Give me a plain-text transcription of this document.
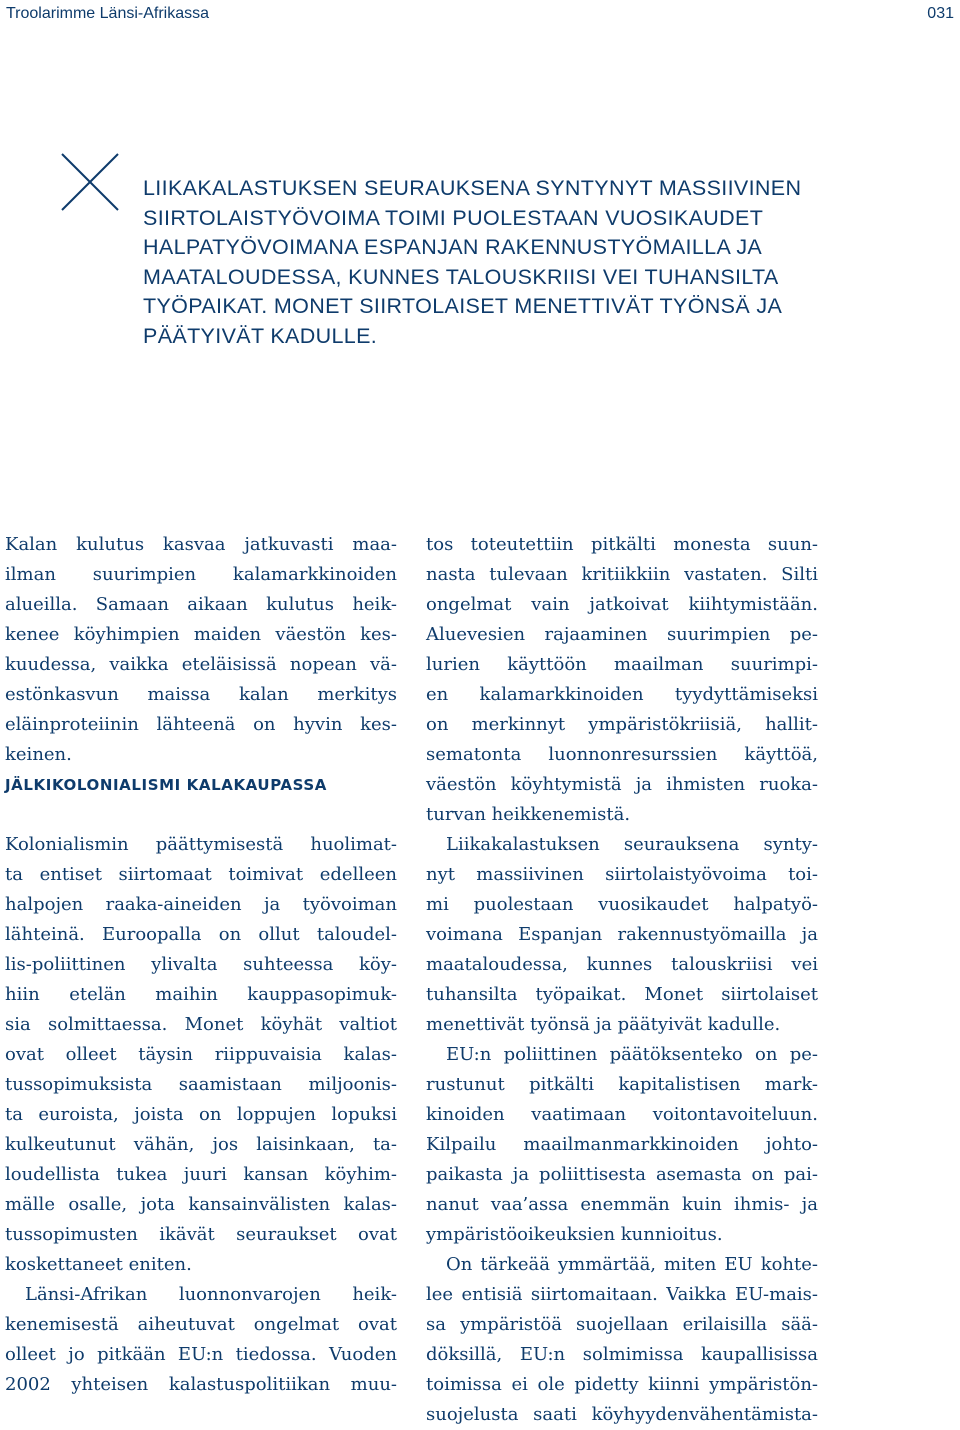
Troolarimme Länsi-Afrikassa	031
LIIKAKALASTUKSEN SEURAUKSENA SYNTYNYT MASSIIVINEN
SIIRTOLAISTYÖVOIMA TOIMI PUOLESTAAN VUOSIKAUDET
HALPATYÖVOIMANA ESPANJAN RAKENNUSTYÖMAILLA JA
MAATALOUDESSA, KUNNES TALOUSKRIISI VEI TUHANSILTA
TYÖPAIKAT. MONET SIIRTOLAISET MENETTIVÄT TYÖNSÄ JA
PÄÄTYIVÄT KADULLE.
Kalan kulutus kasvaa jatkuvasti maa-
ilman suurimpien kalamarkkinoiden
alueilla. Samaan aikaan kulutus heik-
kenee köyhimpien maiden väestön kes-
kuudessa, vaikka eteläisissä nopean vä-
estönkasvun maissa kalan merkitys
eläinproteiinin lähteenä on hyvin kes-
keinen.
JÄLKIKOLONIALISMI KALAKAUPASSA
Kolonialismin päättymisestä huolimat-
ta entiset siirtomaat toimivat edelleen
halpojen raaka-aineiden ja työvoiman
lähteinä. Euroopalla on ollut taloudel-
lis-poliittinen ylivalta suhteessa köy-
hiin etelän maihin kauppasopimuk-
sia solmittaessa. Monet köyhät valtiot
ovat olleet täysin riippuvaisia kalas-
tussopimuksista saamistaan miljoonis-
ta euroista, joista on loppujen lopuksi
kulkeutunut vähän, jos laisinkaan, ta-
loudellista tukea juuri kansan köyhim-
mälle osalle, jota kansainvälisten kalas-
tussopimusten ikävät seuraukset ovat
koskettaneet eniten.
Länsi-Afrikan luonnonvarojen heik-
kenemisestä aiheutuvat ongelmat ovat
olleet jo pitkään EU:n tiedossa. Vuoden
2002 yhteisen kalastuspolitiikan muu-
tos toteutettiin pitkälti monesta suun-
nasta tulevaan kritiikkiin vastaten. Silti
ongelmat vain jatkoivat kiihtymistään.
Aluevesien rajaaminen suurimpien pe-
lurien käyttöön maailman suurimpi-
en kalamarkkinoiden tyydyttämiseksi
on merkinnyt ympäristökriisiä, hallit-
sematonta luonnonresurssien käyttöä,
väestön köyhtymistä ja ihmisten ruoka-
turvan heikkenemistä.
Liikakalastuksen seurauksena synty-
nyt massiivinen siirtolaistyövoima toi-
mi puolestaan vuosikaudet halpatyö-
voimana Espanjan rakennustyömailla ja
maataloudessa, kunnes talouskriisi vei
tuhansilta työpaikat. Monet siirtolaiset
menettivät työnsä ja päätyivät kadulle.
EU:n poliittinen päätöksenteko on pe-
rustunut pitkälti kapitalistisen mark-
kinoiden vaatimaan voitontavoiteluun.
Kilpailu maailmanmarkkinoiden johto-
paikasta ja poliittisesta asemasta on pai-
nanut vaa’assa enemmän kuin ihmis- ja
ympäristöoikeuksien kunnioitus.
On tärkeää ymmärtää, miten EU kohte-
lee entisiä siirtomaitaan. Vaikka EU-mais-
sa ympäristöä suojellaan erilaisilla sää-
döksillä, EU:n solmimissa kaupallisissa
toimissa ei ole pidetty kiinni ympäristön-
suojelusta saati köyhyydenvähentämista-
